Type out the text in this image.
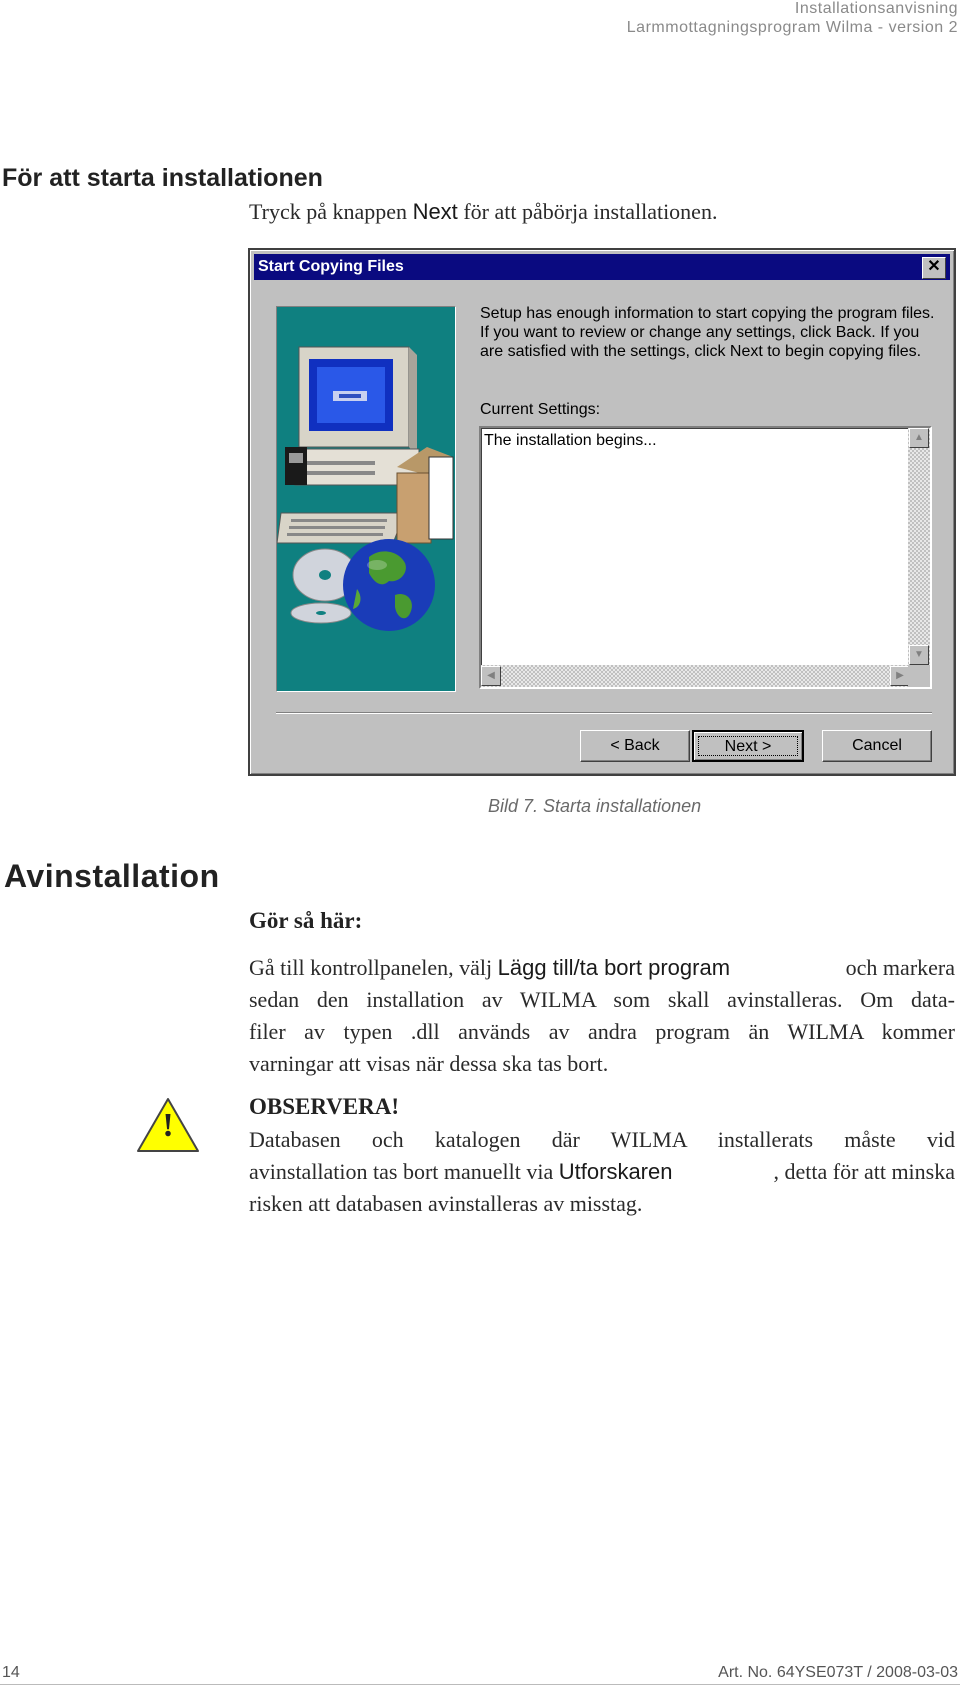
Installationsanvisning
Larmmottagningsprogram Wilma - version 2
För att starta installationen
Tryck på knappen Next för att påbörja installationen.
Start Copying Files	✕
Setup has enough information to start copying the program files.
If you want to review or change any settings, click Back. If you
are satisfied with the settings, click Next to begin copying files.
Current Settings:
The installation begins...	▲
▼
◀	▶
< Back	Next >	Cancel
Bild 7. Starta installationen
Avinstallation
Gör så här:
Gå till kontrollpanelen, välj Lägg till/ta bort program	och markera
sedan den installation av WILMA som skall avinstalleras. Om data-
filer av typen .dll används av andra program än WILMA kommer
varningar att visas när dessa ska tas bort.
!
OBSERVERA!
Databasen och katalogen där WILMA installerats måste vid
avinstallation tas bort manuellt via Utforskaren	, detta för att minska
risken att databasen avinstalleras av misstag.
14	Art. No. 64YSE073T / 2008-03-03
